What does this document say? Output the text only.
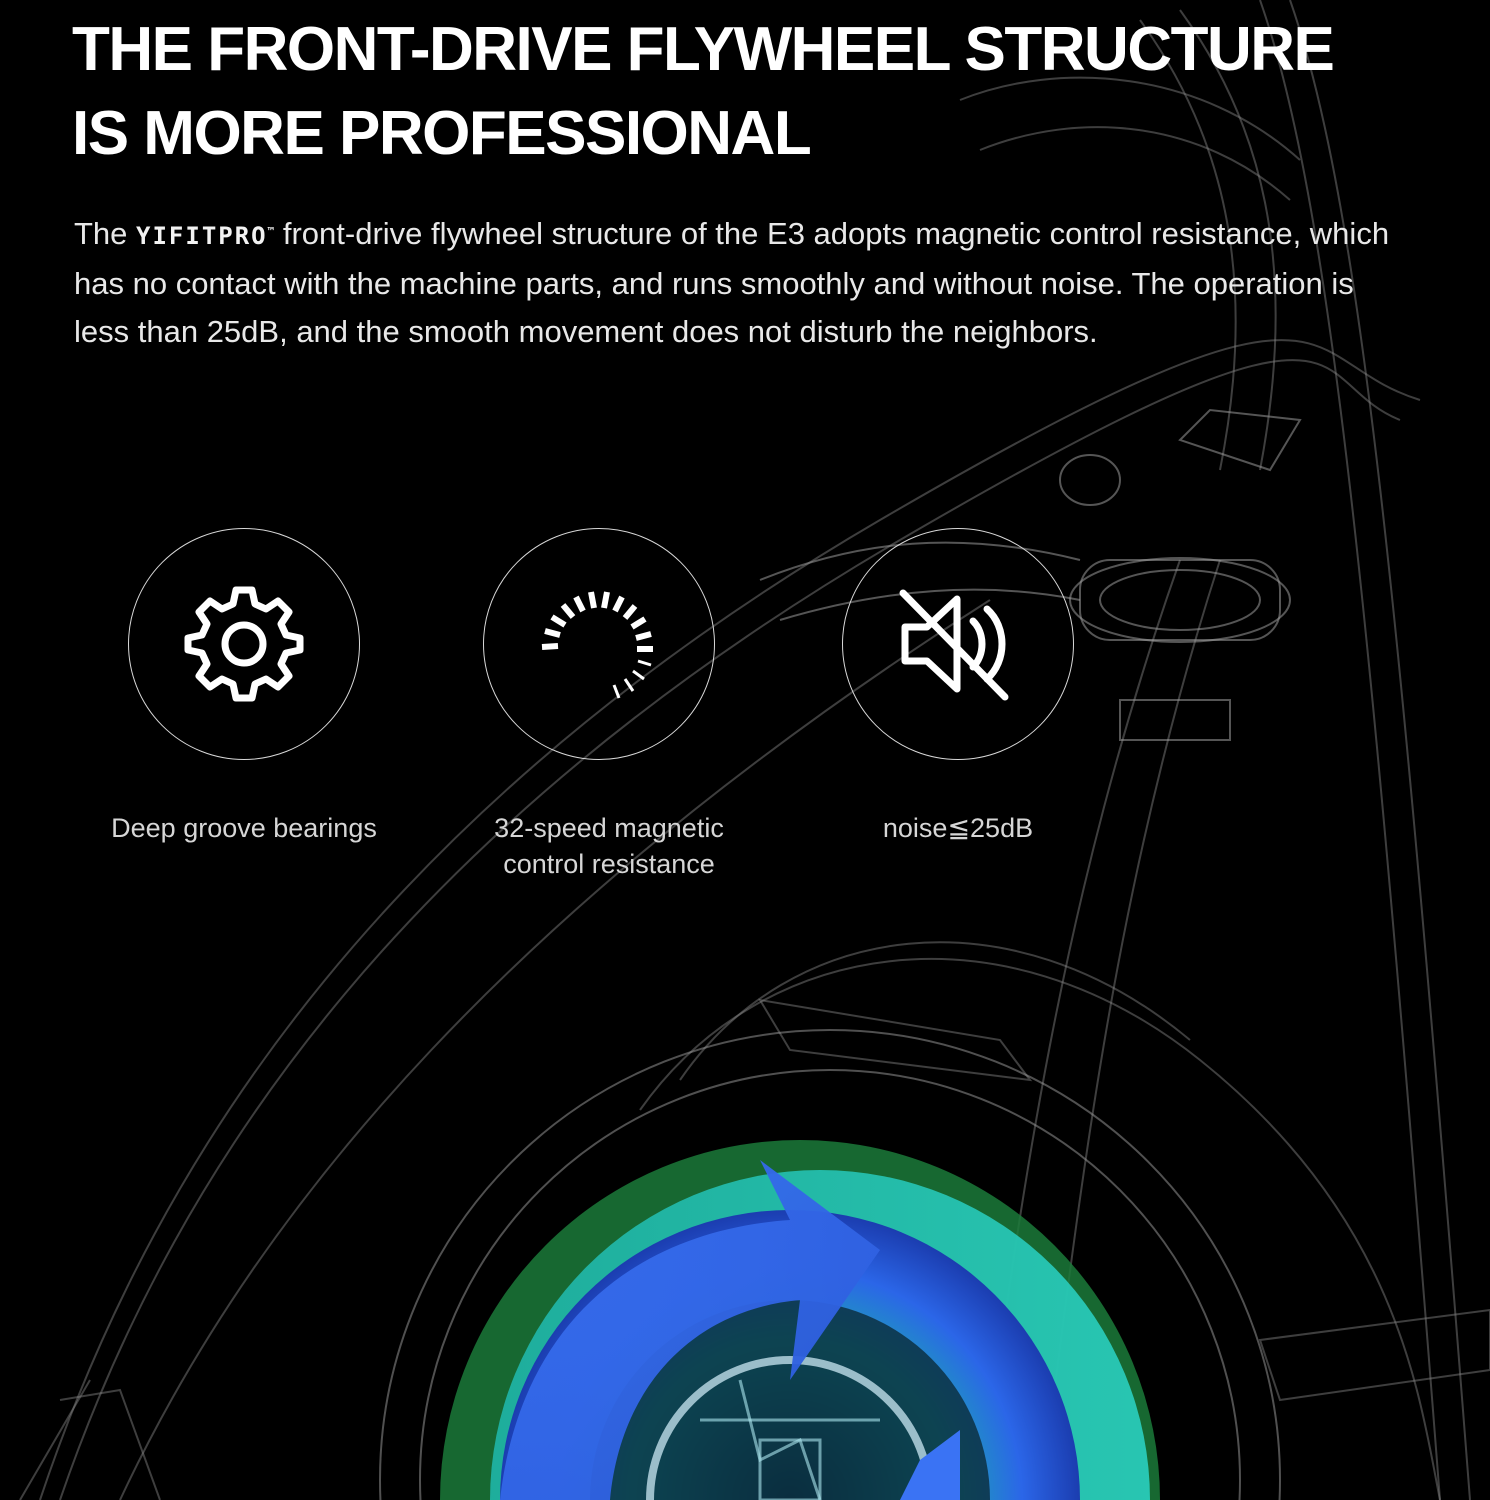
THE FRONT-DRIVE FLYWHEEL STRUCTURE
IS MORE PROFESSIONAL

The YIFITPRO™ front-drive flywheel structure of the E3 adopts magnetic control resistance, which has no contact with the machine parts, and runs smoothly and without noise. The operation is less than 25dB, and the smooth movement does not disturb the neighbors.

Deep groove bearings	32-speed magnetic
control resistance
noise≦25dB
